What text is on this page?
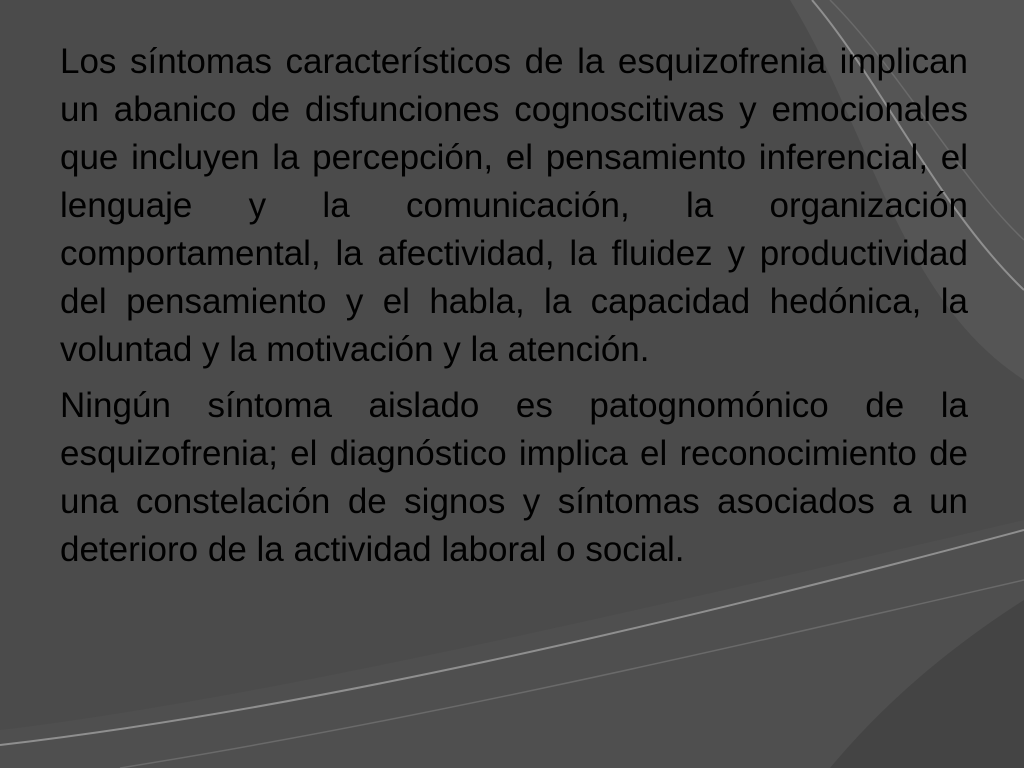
Los síntomas característicos de la esquizofrenia implican un abanico de disfunciones cognoscitivas y emocionales que incluyen la percepción, el pensamiento inferencial, el lenguaje y la comunicación, la organización comportamental, la afectividad, la fluidez y productividad del pensamiento y el habla, la capacidad hedónica, la voluntad y la motivación y la atención.

Ningún síntoma aislado es patognomónico de la esquizofrenia; el diagnóstico implica el reconocimiento de una constelación de signos y síntomas asociados a un deterioro de la actividad laboral o social.
